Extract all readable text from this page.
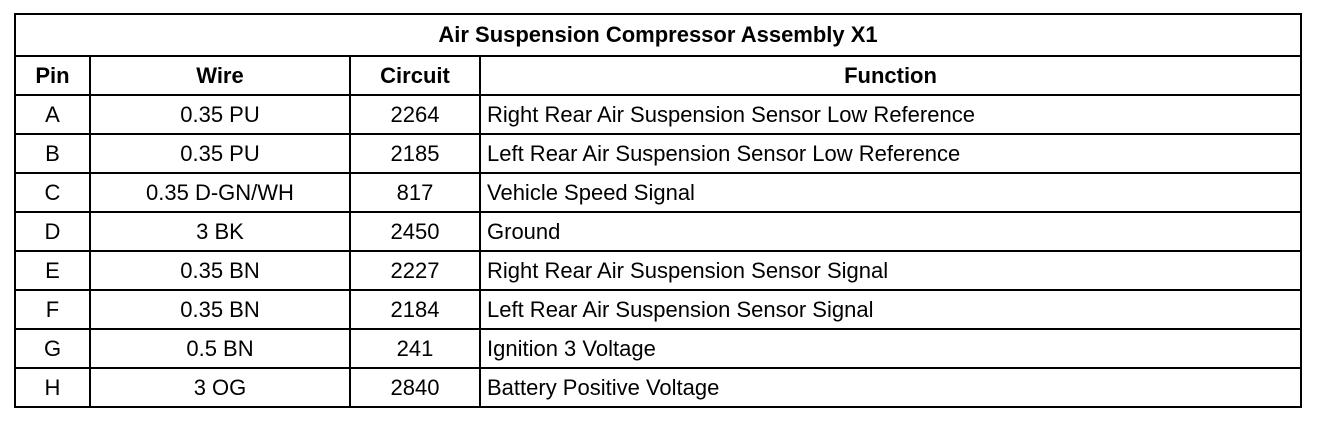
Air Suspension Compressor Assembly X1			
Pin	Wire	Circuit	Function
A	0.35 PU	2264	Right Rear Air Suspension Sensor Low Reference
B	0.35 PU	2185	Left Rear Air Suspension Sensor Low Reference
C	0.35 D-GN/WH	817	Vehicle Speed Signal
D	3 BK	2450	Ground
E	0.35 BN	2227	Right Rear Air Suspension Sensor Signal
F	0.35 BN	2184	Left Rear Air Suspension Sensor Signal
G	0.5 BN	241	Ignition 3 Voltage
H	3 OG	2840	Battery Positive Voltage
